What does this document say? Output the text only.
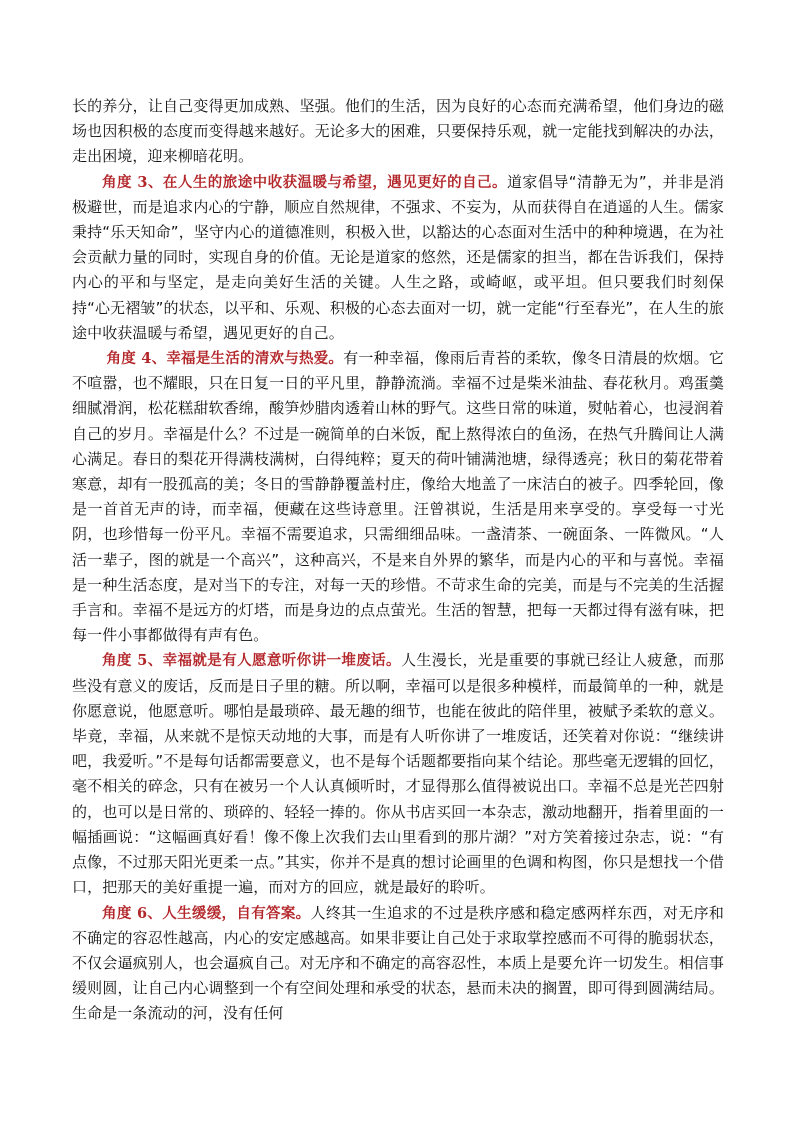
长的养分，让自己变得更加成熟、坚强。他们的生活，因为良好的心态而充满希望，他们身边的磁场也因积极的态度而变得越来越好。无论多大的困难，只要保持乐观，就一定能找到解决的办法，走出困境，迎来柳暗花明。

角度 3、在人生的旅途中收获温暖与希望，遇见更好的自己。道家倡导“清静无为”，并非是消极避世，而是追求内心的宁静，顺应自然规律，不强求、不妄为，从而获得自在逍遥的人生。儒家秉持“乐天知命”，坚守内心的道德准则，积极入世，以豁达的心态面对生活中的种种境遇，在为社会贡献力量的同时，实现自身的价值。无论是道家的悠然，还是儒家的担当，都在告诉我们，保持内心的平和与坚定，是走向美好生活的关键。人生之路，或崎岖，或平坦。但只要我们时刻保持“心无褶皱”的状态，以平和、乐观、积极的心态去面对一切，就一定能“行至春光”，在人生的旅途中收获温暖与希望，遇见更好的自己。

角度 4、幸福是生活的清欢与热爱。有一种幸福，像雨后青苔的柔软，像冬日清晨的炊烟。它不喧嚣，也不耀眼，只在日复一日的平凡里，静静流淌。幸福不过是柴米油盐、春花秋月。鸡蛋羹细腻滑润，松花糕甜软香绵，酸笋炒腊肉透着山林的野气。这些日常的味道，熨帖着心，也浸润着自己的岁月。幸福是什么？不过是一碗简单的白米饭，配上熬得浓白的鱼汤，在热气升腾间让人满心满足。春日的梨花开得满枝满树，白得纯粹；夏天的荷叶铺满池塘，绿得透亮；秋日的菊花带着寒意，却有一股孤高的美；冬日的雪静静覆盖村庄，像给大地盖了一床洁白的被子。四季轮回，像是一首首无声的诗，而幸福，便藏在这些诗意里。汪曾祺说，生活是用来享受的。享受每一寸光阴，也珍惜每一份平凡。幸福不需要追求，只需细细品味。一盏清茶、一碗面条、一阵微风。“人活一辈子，图的就是一个高兴”，这种高兴，不是来自外界的繁华，而是内心的平和与喜悦。幸福是一种生活态度，是对当下的专注，对每一天的珍惜。不苛求生命的完美，而是与不完美的生活握手言和。幸福不是远方的灯塔，而是身边的点点萤光。生活的智慧，把每一天都过得有滋有味，把每一件小事都做得有声有色。

角度 5、幸福就是有人愿意听你讲一堆废话。人生漫长，光是重要的事就已经让人疲惫，而那些没有意义的废话，反而是日子里的糖。所以啊，幸福可以是很多种模样，而最简单的一种，就是你愿意说，他愿意听。哪怕是最琐碎、最无趣的细节，也能在彼此的陪伴里，被赋予柔软的意义。毕竟，幸福，从来就不是惊天动地的大事，而是有人听你讲了一堆废话，还笑着对你说：“继续讲吧，我爱听。”不是每句话都需要意义，也不是每个话题都要指向某个结论。那些毫无逻辑的回忆，毫不相关的碎念，只有在被另一个人认真倾听时，才显得那么值得被说出口。幸福不总是光芒四射的，也可以是日常的、琐碎的、轻轻一捧的。你从书店买回一本杂志，激动地翻开，指着里面的一幅插画说：“这幅画真好看！像不像上次我们去山里看到的那片湖？”对方笑着接过杂志，说：“有点像，不过那天阳光更柔一点。”其实，你并不是真的想讨论画里的色调和构图，你只是想找一个借口，把那天的美好重提一遍，而对方的回应，就是最好的聆听。

角度 6、人生缓缓，自有答案。人终其一生追求的不过是秩序感和稳定感两样东西，对无序和不确定的容忍性越高，内心的安定感越高。如果非要让自己处于求取掌控感而不可得的脆弱状态，不仅会逼疯别人，也会逼疯自己。对无序和不确定的高容忍性，本质上是要允许一切发生。相信事缓则圆，让自己内心调整到一个有空间处理和承受的状态，悬而未决的搁置，即可得到圆满结局。生命是一条流动的河，没有任何
